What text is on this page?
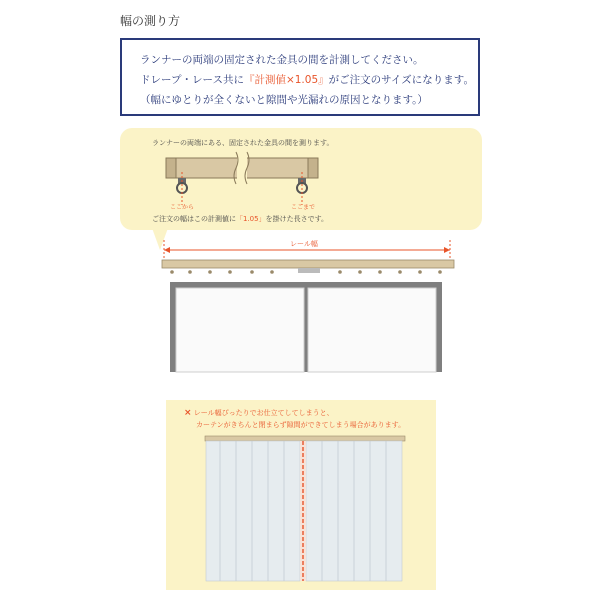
幅の測り方
ランナーの両端の固定された金具の間を計測してください。
ドレープ・レース共に『計測値×1.05』がご注文のサイズになります。
（幅にゆとりが全くないと隙間や光漏れの原因となります。）
ランナーの両端にある、固定された金具の間を測ります。
ここから	ここまで
ご注文の幅はこの計測値に「1.05」を掛けた長さです。
レール幅
× レール幅ぴったりでお仕立てしてしまうと、
カーテンがきちんと閉まらず隙間ができてしまう場合があります。
